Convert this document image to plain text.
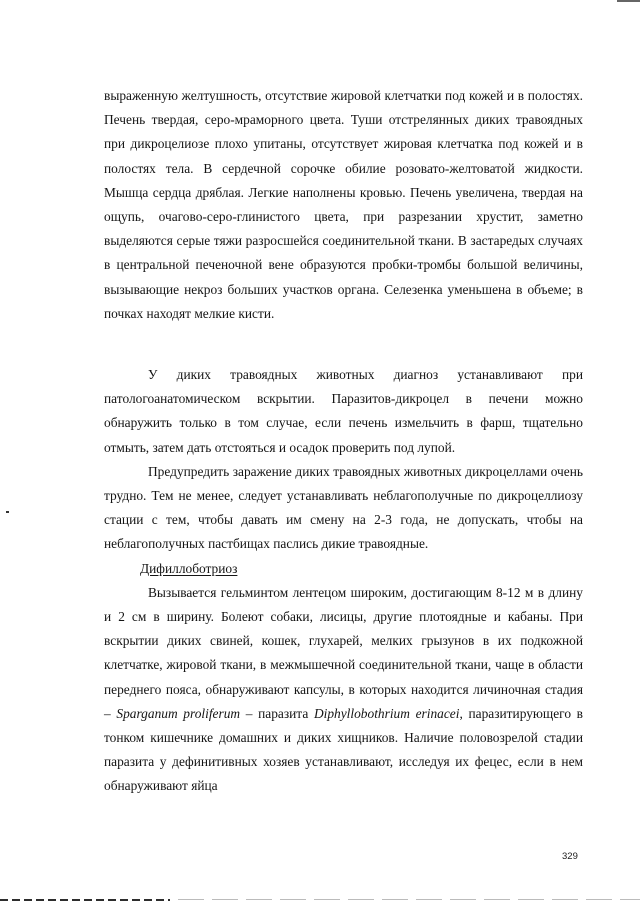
выраженную желтушность, отсутствие жировой клетчатки под кожей и в полостях. Печень твердая, серо-мраморного цвета. Туши отстрелянных диких травоядных при дикроцелиозе плохо упитаны, отсутствует жировая клетчатка под кожей и в полостях тела. В сердечной сорочке обилие розовато-желтоватой жидкости. Мышца сердца дряблая. Легкие наполнены кровью. Печень увеличена, твердая на ощупь, очагово-серо-глинистого цвета, при разрезании хрустит, заметно выделяются серые тяжи разросшейся соединительной ткани. В застаредых случаях в центральной печеночной вене образуются пробки-тромбы большой величины, вызывающие некроз больших участков органа. Селезенка уменьшена в объеме; в почках находят мелкие кисти.

У диких травоядных животных диагноз устанавливают при патологоанатомическом вскрытии. Паразитов-дикроцел в печени можно обнаружить только в том случае, если печень измельчить в фарш, тщательно отмыть, затем дать отстояться и осадок проверить под лупой.

Предупредить заражение диких травоядных животных дикроцеллами очень трудно. Тем не менее, следует устанавливать неблагополучные по дикроцеллиозу стации с тем, чтобы давать им смену на 2-3 года, не допускать, чтобы на неблагополучных пастбищах паслись дикие травоядные.

Дифиллоботриоз

Вызывается гельминтом лентецом широким, достигающим 8-12 м в длину и 2 см в ширину. Болеют собаки, лисицы, другие плотоядные и кабаны. При вскрытии диких свиней, кошек, глухарей, мелких грызунов в их подкожной клетчатке, жировой ткани, в межмышечной соединительной ткани, чаще в области переднего пояса, обнаруживают капсулы, в которых находится личиночная стадия – Sparganum proliferum – паразита Diphyllobothrium erinacei, паразитирующего в тонком кишечнике домашних и диких хищников. Наличие половозрелой стадии паразита у дефинитивных хозяев устанавливают, исследуя их фецес, если в нем обнаруживают яйца

329
